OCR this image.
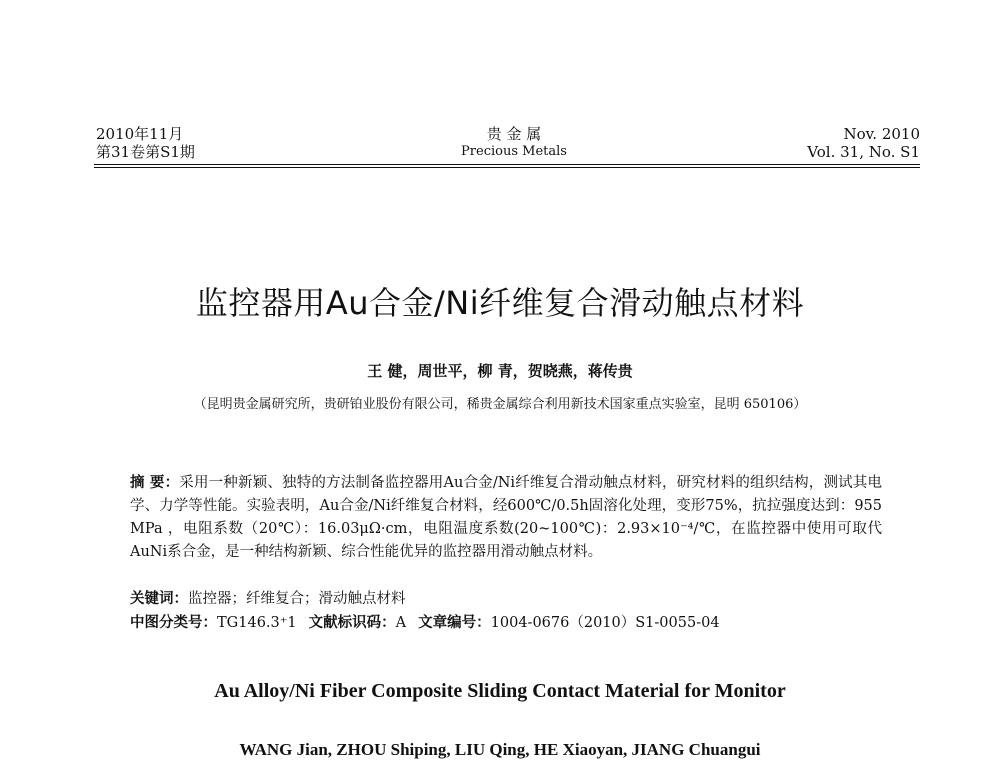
2010年11月
第31卷第S1期
贵 金 属
Precious Metals
Nov. 2010
Vol. 31, No. S1
监控器用Au合金/Ni纤维复合滑动触点材料
王 健，周世平，柳 青，贺晓燕，蒋传贵
（昆明贵金属研究所，贵研铂业股份有限公司，稀贵金属综合利用新技术国家重点实验室，昆明 650106）
摘 要：采用一种新颖、独特的方法制备监控器用Au合金/Ni纤维复合滑动触点材料，研究材料的组织结构，测试其电学、力学等性能。实验表明，Au合金/Ni纤维复合材料，经600℃/0.5h固溶化处理，变形75%，抗拉强度达到：955 MPa ，电阻系数（20℃）：16.03μΩ·cm，电阻温度系数(20~100℃)：2.93×10⁻⁴/℃，在监控器中使用可取代AuNi系合金，是一种结构新颖、综合性能优异的监控器用滑动触点材料。
关键词：监控器；纤维复合；滑动触点材料
中图分类号：TG146.3⁺1 文献标识码：A 文章编号：1004-0676（2010）S1-0055-04
Au Alloy/Ni Fiber Composite Sliding Contact Material for Monitor
WANG Jian, ZHOU Shiping, LIU Qing, HE Xiaoyan, JIANG Chuangui
